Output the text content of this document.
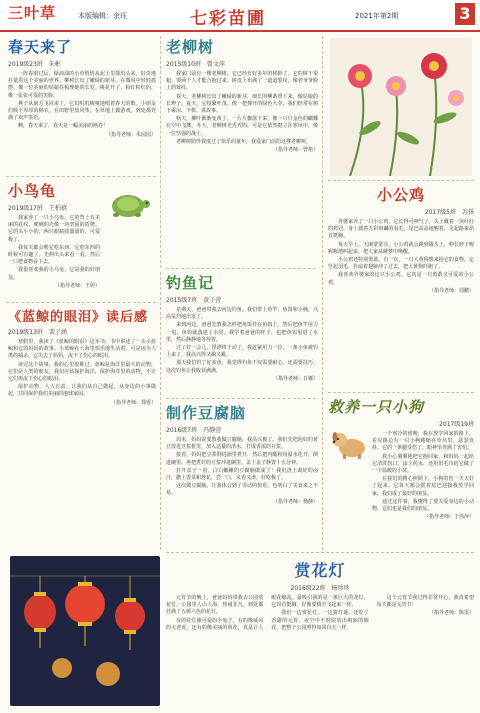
三叶草	本版编辑：余珏	七彩苗圃	2021年第2期	3
春天来了
2019级23班　朱彬

一阵春雨过后，绿油油的小草悄悄从泥土里探出头来，好奇地打量着这个美丽的世界。柳树长出了嫩绿的新芽，在微风中轻轻摇摆，像一位美丽的姑娘在梳理她的长发。桃花开了，粉红粉红的，像一张张可爱的笑脸。

燕子从南方飞回来了，它们叽叽喳喳地唱着春天的歌。小朋友们脱下厚厚的棉衣，在田野里放风筝，在草地上做游戏，到处都充满了欢声笑语。

啊，春天来了，春天是一幅美丽的画卷！

（指导老师：朱园园）
小鸟龟
2019级17班　王柏禧

我家养了一只小乌龟，它的背上有美丽的花纹，硬硬的壳像一块坚固的盾牌。它的头小小的，两只眼睛圆溜溜的，可爱极了。

我每天都会喂它吃东西。它吃东西的时候可有趣了，先伸出头来看一看，然后一口把食物吞下去。

我很喜欢我的小乌龟，它是我的好朋友。

（指导老师：王婷）
《蓝鲸的眼泪》读后感
2019级13班　裴子涵

寒假里，我读了《蓝鲸的眼泪》这本书，书中讲述了一头小蓝鲸和它的妈妈的故事。小蓝鲸在大海里快乐地生活着，可是因为人类的捕杀，它失去了妈妈，流下了伤心的眼泪。

读完这个故事，我的心里很难过。蓝鲸是海洋里最大的动物，它们是人类的朋友。我们应该保护海洋，保护海洋里的动物，不让它们再流下伤心的眼泪。

保护动物，人人有责。让我们从自己做起，从身边的小事做起，共同保护我们美丽的地球家园。

（指导老师：郑香）
老柳树
2015级10班　曾文萍

我家门前有一棵老柳树，它已经有好多年的树龄了。它的树干很粗，要两个人才能合抱过来。树皮上布满了一道道裂纹，像老爷爷脸上的皱纹。

春天，老柳树长出了嫩绿的新芽，细长的柳条垂下来，像姑娘的长辫子。夏天，它枝繁叶茂，像一把撑开的绿色大伞，我们经常在树下乘凉、下棋、讲故事。

秋天，柳叶渐渐变黄了，一片片飘落下来，像一只只金色的蝴蝶在空中飞舞。冬天，老柳树光秃秃的，可是它依然挺立在寒风中，像一位坚强的战士。

老柳树陪伴我度过了快乐的童年，我爱家门前的这棵老柳树。

（指导老师：曾艳）
钓鱼记
2015级7班　黄子萱

星期天，爸爸带我去河边钓鱼。我们带上鱼竿、鱼饵和小桶，兴高采烈地出发了。

来到河边，爸爸先教我怎样把鱼饵挂在鱼钩上，然后把鱼竿用力一甩，鱼钩就落进了水里。我学着爸爸的样子，也把鱼钩甩进了水里，然后静静地等待着。

过了好一会儿，浮漂终于动了，我赶紧用力一拉，一条小鱼被钓上来了。我高兴得又蹦又跳。

那天我们钓了好多鱼，我觉得钓鱼不仅需要耐心，还需要技巧。这次钓鱼让我收获满满。

（指导老师：日娜）
制作豆腐脑
2016级7班　冯静萱

周末，妈妈说要教我做豆腐脑，我高兴极了。我们先把泡好的黄豆放进豆浆机里，加入适量的清水，打成香浓的豆浆。

接着，妈妈把豆浆倒进锅里煮开，然后把内酯粉用温水化开，倒进碗里。再把煮好的豆浆冲进碗里，盖上盖子静置十五分钟。

打开盖子一看，白白嫩嫩的豆腐脑做成了！我们浇上调好的卤汁，撒上香菜和葱花，尝一口，又香又滑，好吃极了。

这次做豆腐脑，让我体会到了劳动的快乐，也明白了美食来之不易。

（指导老师：杨静）
小公鸡
2017级5班　苏扬

外婆家养了一只小公鸡，它长得可神气了。头上戴着一顶红红的鸡冠，身上披着五彩斑斓的羽毛，尾巴高高地翘着，走起路来昂首挺胸。

每天早上，天刚蒙蒙亮，小公鸡就会跳到墙头上，伸长脖子喔喔喔地叫起来，把大家从睡梦中唤醒。

小公鸡还特别勇敢。有一次，一只大黄狗想来抢它的食物，它竖起羽毛，扑扇着翅膀冲了过去，把大黄狗吓跑了。

我喜欢外婆家的这只小公鸡，它真是一只勇敢又可爱的小公鸡。

（指导老师：周鹏）
救养一只小狗
2017级19班

一个寒冷的傍晚，我在放学回家的路上，看见路边有一只小狗蜷缩在草丛里，瑟瑟发抖。它的一条腿受伤了，眼神里充满了害怕。

我小心翼翼地把它抱回家，和妈妈一起给它清洗伤口，涂上药水，还用旧毛巾给它做了一个温暖的小窝。

在我们的精心照顾下，小狗的伤一天天好了起来。它每天都会摇着尾巴迎接我放学回家，我们成了最好的朋友。

通过这件事，我懂得了要关爱身边的小动物，它们也是我们的朋友。

（指导老师：于伟萍）
赏花灯
2016级22班　杨珍珍

元宵节的晚上，爸爸妈妈带我去公园赏花灯。公园里人山人海，热闹非凡，到处都挂满了五颜六色的花灯。

有的花灯像可爱的小兔子，有的像威风的大老虎，还有的像美丽的荷花，真是让人眼花缭乱。最吸引我的是一条巨大的龙灯，它昂首挺胸，好像要腾空飞起来一样。

我们一边赏花灯，一边猜灯谜，还吃了香甜的元宵。夜空中不时绽放出绚丽的烟花，把整个公园照得如同白天一样。

这个元宵节我过得非常开心，我真希望每天都是元宵节！

（指导老师：陈雯）
